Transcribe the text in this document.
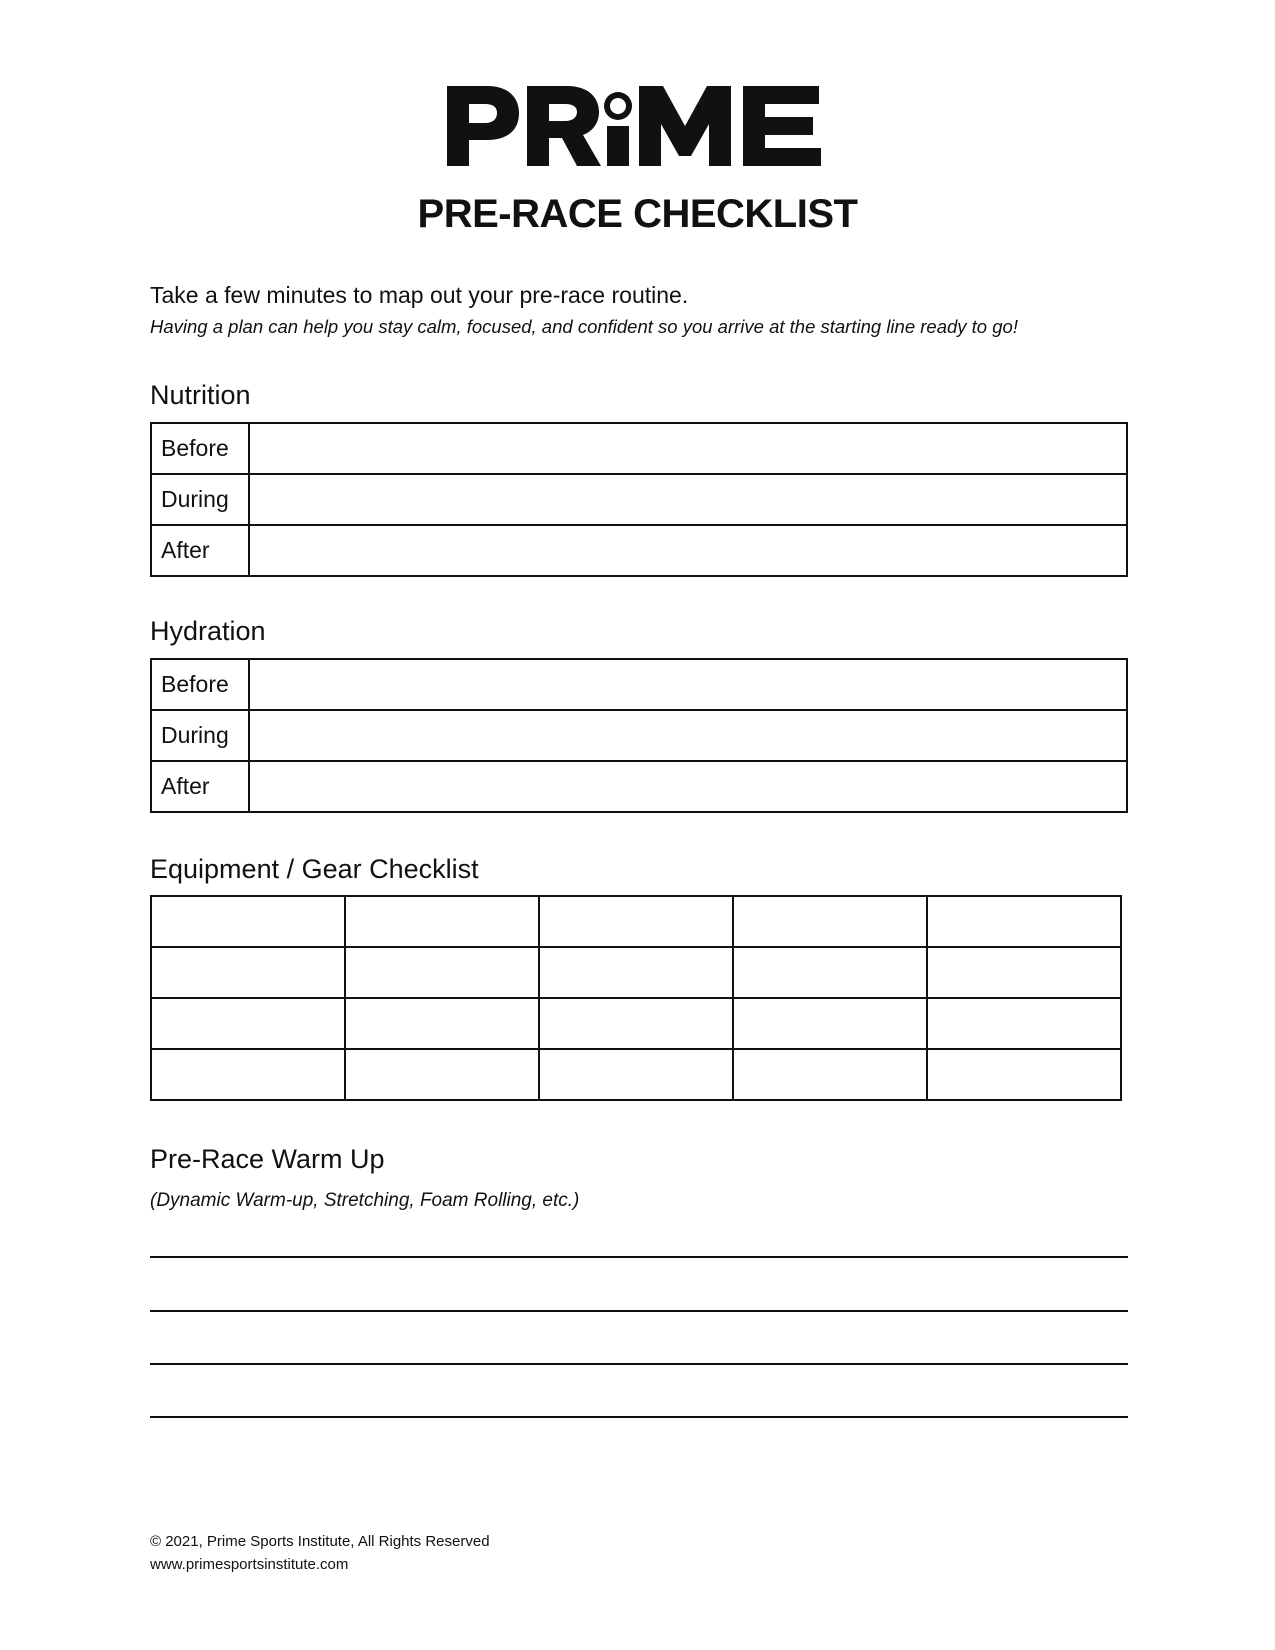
PRE-RACE CHECKLIST
Take a few minutes to map out your pre-race routine.
Having a plan can help you stay calm, focused, and confident so you arrive at the starting line ready to go!
Nutrition
Before	
During	
After	
Hydration
Before	
During	
After	
Equipment / Gear Checklist

Pre-Race Warm Up
(Dynamic Warm-up, Stretching, Foam Rolling, etc.)
© 2021, Prime Sports Institute, All Rights Reserved
www.primesportsinstitute.com
